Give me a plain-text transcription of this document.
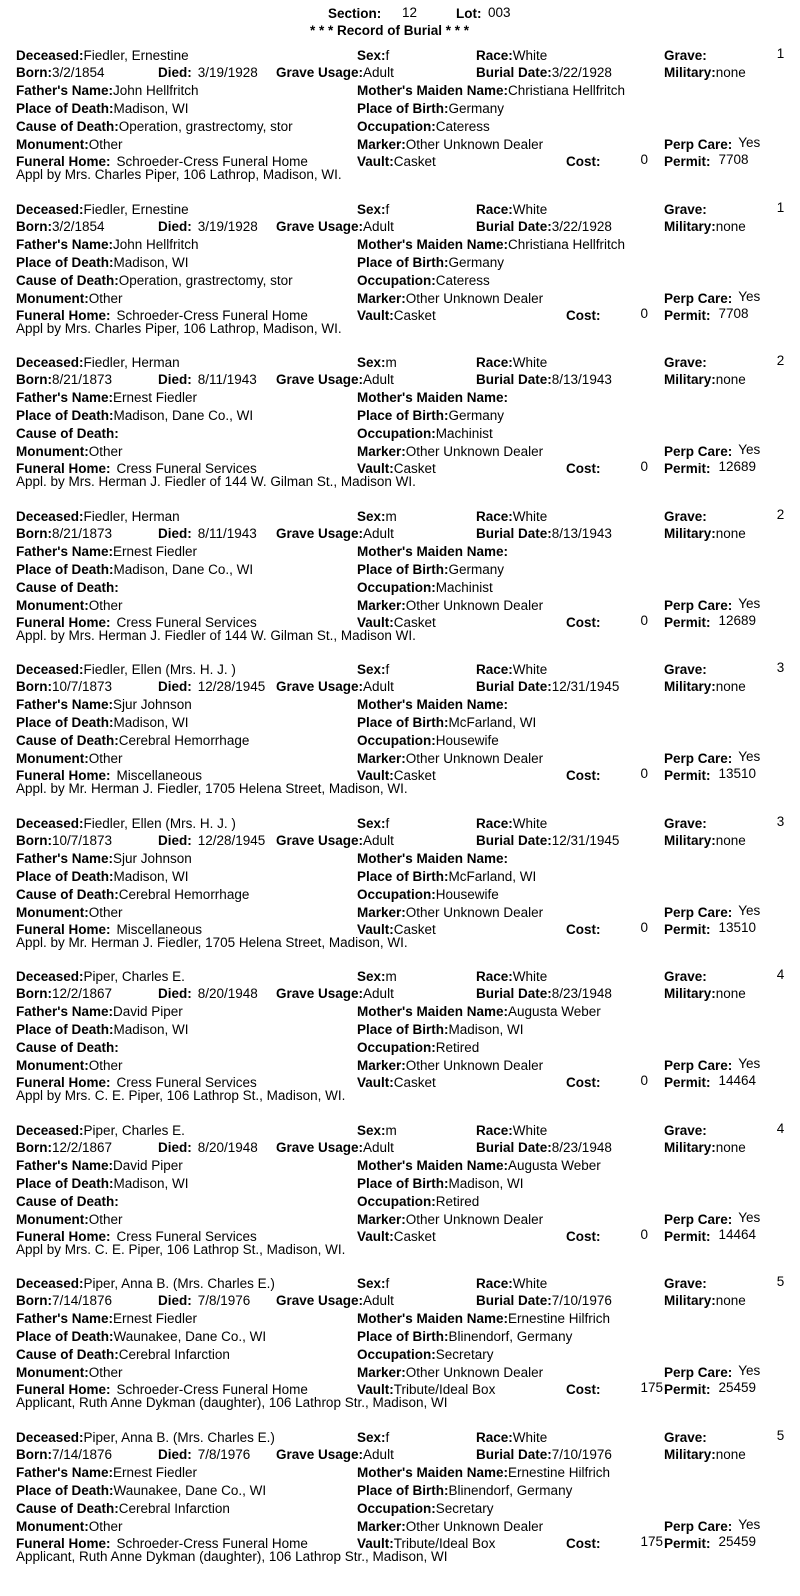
Section: 12	Lot: 003
* * * Record of Burial * * *
Deceased:Fiedler, Ernestine	Sex:f	Race:White	Grave:	1
Born:3/2/1854	Died: 3/19/1928 Grave Usage:Adult	Burial Date:3/22/1928	Military:none
Father's Name:John Hellfritch	Mother's Maiden Name:Christiana Hellfritch
Place of Death:Madison, WI	Place of Birth:Germany
Cause of Death:Operation, grastrectomy, stor	Occupation:Cateress
Monument:Other	Marker:Other Unknown Dealer	Perp Care: Yes
Funeral Home: Schroeder-Cress Funeral Home	Vault:Casket	Cost:	0 Permit: 7708
Appl by Mrs. Charles Piper, 106 Lathrop, Madison, WI.
Deceased:Fiedler, Ernestine	Sex:f	Race:White	Grave:	1
Born:3/2/1854	Died: 3/19/1928 Grave Usage:Adult	Burial Date:3/22/1928	Military:none
Father's Name:John Hellfritch	Mother's Maiden Name:Christiana Hellfritch
Place of Death:Madison, WI	Place of Birth:Germany
Cause of Death:Operation, grastrectomy, stor	Occupation:Cateress
Monument:Other	Marker:Other Unknown Dealer	Perp Care: Yes
Funeral Home: Schroeder-Cress Funeral Home	Vault:Casket	Cost:	0 Permit: 7708
Appl by Mrs. Charles Piper, 106 Lathrop, Madison, WI.
Deceased:Fiedler, Herman	Sex:m	Race:White	Grave:	2
Born:8/21/1873	Died: 8/11/1943 Grave Usage:Adult	Burial Date:8/13/1943	Military:none
Father's Name:Ernest Fiedler	Mother's Maiden Name:
Place of Death:Madison, Dane Co., WI	Place of Birth:Germany
Cause of Death:	Occupation:Machinist
Monument:Other	Marker:Other Unknown Dealer	Perp Care: Yes
Funeral Home: Cress Funeral Services	Vault:Casket	Cost:	0 Permit: 12689
Appl. by Mrs. Herman J. Fiedler of 144 W. Gilman St., Madison WI.
Deceased:Fiedler, Herman	Sex:m	Race:White	Grave:	2
Born:8/21/1873	Died: 8/11/1943 Grave Usage:Adult	Burial Date:8/13/1943	Military:none
Father's Name:Ernest Fiedler	Mother's Maiden Name:
Place of Death:Madison, Dane Co., WI	Place of Birth:Germany
Cause of Death:	Occupation:Machinist
Monument:Other	Marker:Other Unknown Dealer	Perp Care: Yes
Funeral Home: Cress Funeral Services	Vault:Casket	Cost:	0 Permit: 12689
Appl. by Mrs. Herman J. Fiedler of 144 W. Gilman St., Madison WI.
Deceased:Fiedler, Ellen (Mrs. H. J. )	Sex:f	Race:White	Grave:	3
Born:10/7/1873	Died: 12/28/1945 Grave Usage:Adult	Burial Date:12/31/1945	Military:none
Father's Name:Sjur Johnson	Mother's Maiden Name:
Place of Death:Madison, WI	Place of Birth:McFarland, WI
Cause of Death:Cerebral Hemorrhage	Occupation:Housewife
Monument:Other	Marker:Other Unknown Dealer	Perp Care: Yes
Funeral Home: Miscellaneous	Vault:Casket	Cost:	0 Permit: 13510
Appl. by Mr. Herman J. Fiedler, 1705 Helena Street, Madison, WI.
Deceased:Fiedler, Ellen (Mrs. H. J. )	Sex:f	Race:White	Grave:	3
Born:10/7/1873	Died: 12/28/1945 Grave Usage:Adult	Burial Date:12/31/1945	Military:none
Father's Name:Sjur Johnson	Mother's Maiden Name:
Place of Death:Madison, WI	Place of Birth:McFarland, WI
Cause of Death:Cerebral Hemorrhage	Occupation:Housewife
Monument:Other	Marker:Other Unknown Dealer	Perp Care: Yes
Funeral Home: Miscellaneous	Vault:Casket	Cost:	0 Permit: 13510
Appl. by Mr. Herman J. Fiedler, 1705 Helena Street, Madison, WI.
Deceased:Piper, Charles E.	Sex:m	Race:White	Grave:	4
Born:12/2/1867	Died: 8/20/1948 Grave Usage:Adult	Burial Date:8/23/1948	Military:none
Father's Name:David Piper	Mother's Maiden Name:Augusta Weber
Place of Death:Madison, WI	Place of Birth:Madison, WI
Cause of Death:	Occupation:Retired
Monument:Other	Marker:Other Unknown Dealer	Perp Care: Yes
Funeral Home: Cress Funeral Services	Vault:Casket	Cost:	0 Permit: 14464
Appl by Mrs. C. E. Piper, 106 Lathrop St., Madison, WI.
Deceased:Piper, Charles E.	Sex:m	Race:White	Grave:	4
Born:12/2/1867	Died: 8/20/1948 Grave Usage:Adult	Burial Date:8/23/1948	Military:none
Father's Name:David Piper	Mother's Maiden Name:Augusta Weber
Place of Death:Madison, WI	Place of Birth:Madison, WI
Cause of Death:	Occupation:Retired
Monument:Other	Marker:Other Unknown Dealer	Perp Care: Yes
Funeral Home: Cress Funeral Services	Vault:Casket	Cost:	0 Permit: 14464
Appl by Mrs. C. E. Piper, 106 Lathrop St., Madison, WI.
Deceased:Piper, Anna B. (Mrs. Charles E.)	Sex:f	Race:White	Grave:	5
Born:7/14/1876	Died: 7/8/1976 Grave Usage:Adult	Burial Date:7/10/1976	Military:none
Father's Name:Ernest Fiedler	Mother's Maiden Name:Ernestine Hilfrich
Place of Death:Waunakee, Dane Co., WI	Place of Birth:Blinendorf, Germany
Cause of Death:Cerebral Infarction	Occupation:Secretary
Monument:Other	Marker:Other Unknown Dealer	Perp Care: Yes
Funeral Home: Schroeder-Cress Funeral Home	Vault:Tribute/Ideal Box	Cost:	175 Permit: 25459
Applicant, Ruth Anne Dykman (daughter), 106 Lathrop Str., Madison, WI
Deceased:Piper, Anna B. (Mrs. Charles E.)	Sex:f	Race:White	Grave:	5
Born:7/14/1876	Died: 7/8/1976 Grave Usage:Adult	Burial Date:7/10/1976	Military:none
Father's Name:Ernest Fiedler	Mother's Maiden Name:Ernestine Hilfrich
Place of Death:Waunakee, Dane Co., WI	Place of Birth:Blinendorf, Germany
Cause of Death:Cerebral Infarction	Occupation:Secretary
Monument:Other	Marker:Other Unknown Dealer	Perp Care: Yes
Funeral Home: Schroeder-Cress Funeral Home	Vault:Tribute/Ideal Box	Cost:	175 Permit: 25459
Applicant, Ruth Anne Dykman (daughter), 106 Lathrop Str., Madison, WI
